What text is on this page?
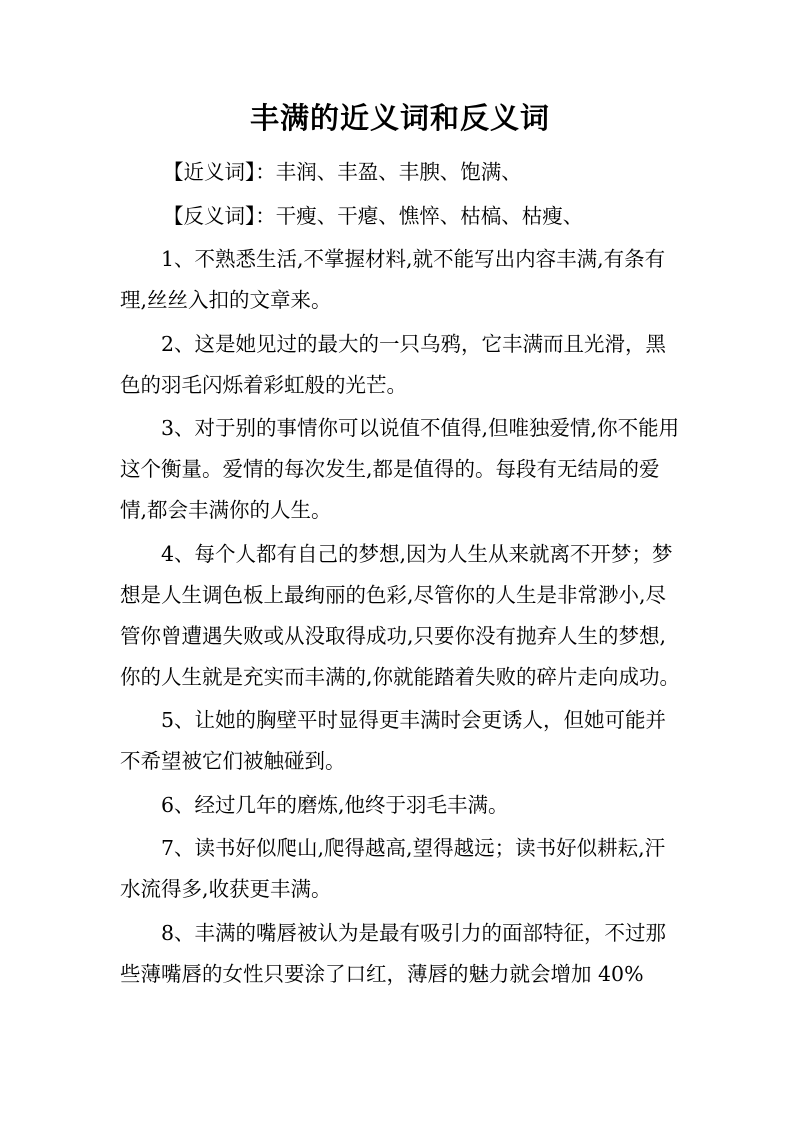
丰满的近义词和反义词

【近义词】：丰润、丰盈、丰腴、饱满、

【反义词】：干瘦、干瘪、憔悴、枯槁、枯瘦、

1、不熟悉生活,不掌握材料,就不能写出内容丰满,有条有理,丝丝入扣的文章来。

2、这是她见过的最大的一只乌鸦，它丰满而且光滑，黑色的羽毛闪烁着彩虹般的光芒。

3、对于别的事情你可以说值不值得,但唯独爱情,你不能用这个衡量。爱情的每次发生,都是值得的。每段有无结局的爱情,都会丰满你的人生。

4、每个人都有自己的梦想,因为人生从来就离不开梦；梦想是人生调色板上最绚丽的色彩,尽管你的人生是非常渺小,尽管你曾遭遇失败或从没取得成功,只要你没有抛弃人生的梦想,你的人生就是充实而丰满的,你就能踏着失败的碎片走向成功。

5、让她的胸壁平时显得更丰满时会更诱人，但她可能并不希望被它们被触碰到。

6、经过几年的磨炼,他终于羽毛丰满。

7、读书好似爬山,爬得越高,望得越远；读书好似耕耘,汗水流得多,收获更丰满。

8、丰满的嘴唇被认为是最有吸引力的面部特征，不过那些薄嘴唇的女性只要涂了口红，薄唇的魅力就会增加 40%
